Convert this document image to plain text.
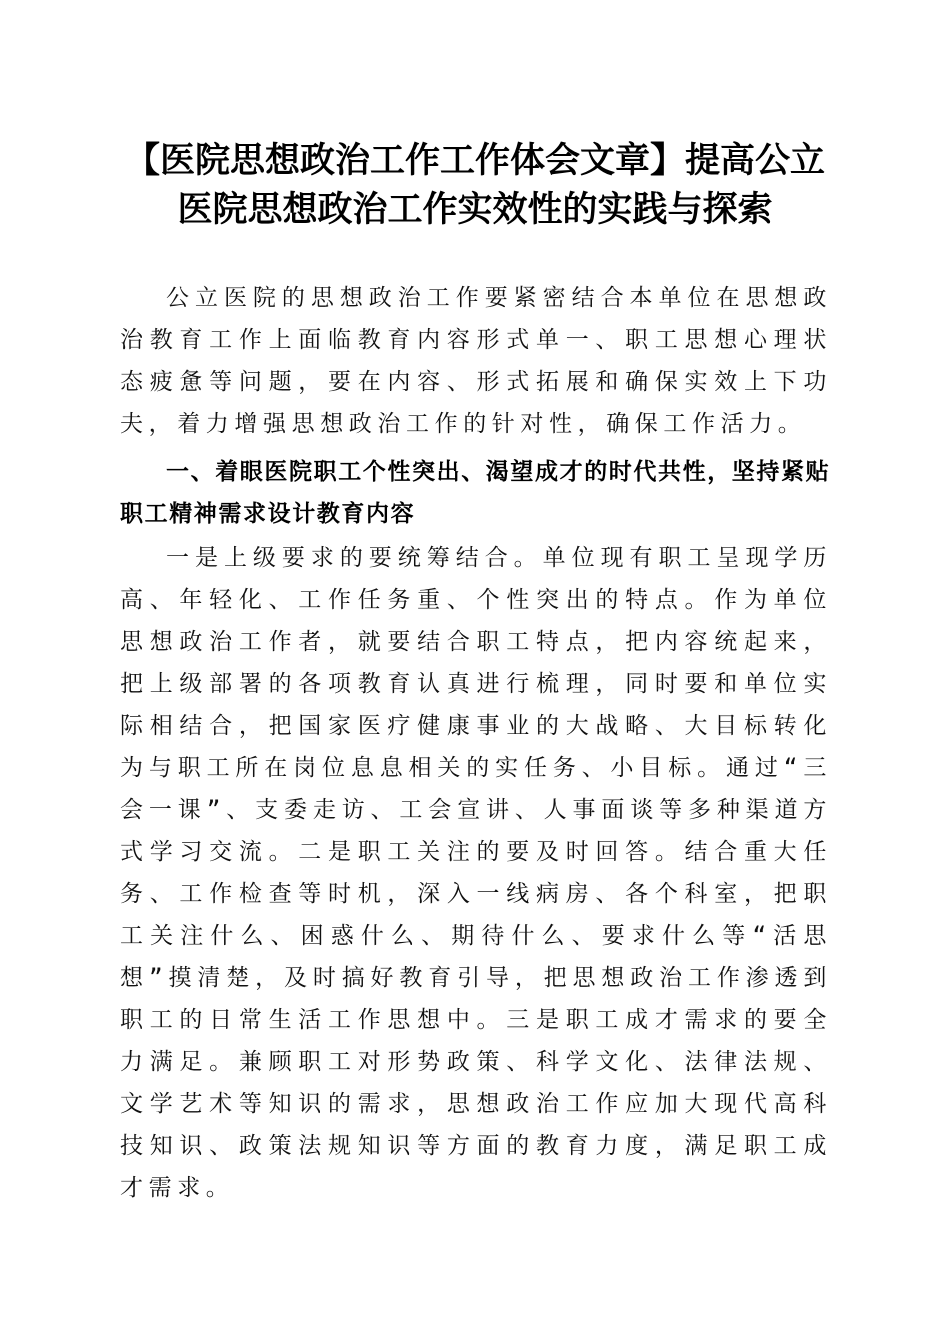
【医院思想政治工作工作体会文章】提高公立
医院思想政治工作实效性的实践与探索

公立医院的思想政治工作要紧密结合本单位在思想政治教育工作上面临教育内容形式单一、职工思想心理状态疲惫等问题，要在内容、形式拓展和确保实效上下功夫，着力增强思想政治工作的针对性，确保工作活力。

一、着眼医院职工个性突出、渴望成才的时代共性，坚持紧贴职工精神需求设计教育内容

一是上级要求的要统筹结合。单位现有职工呈现学历高、年轻化、工作任务重、个性突出的特点。作为单位思想政治工作者，就要结合职工特点，把内容统起来，把上级部署的各项教育认真进行梳理，同时要和单位实际相结合，把国家医疗健康事业的大战略、大目标转化为与职工所在岗位息息相关的实任务、小目标。通过“三会一课”、支委走访、工会宣讲、人事面谈等多种渠道方式学习交流。二是职工关注的要及时回答。结合重大任务、工作检查等时机，深入一线病房、各个科室，把职工关注什么、困惑什么、期待什么、要求什么等“活思想”摸清楚，及时搞好教育引导，把思想政治工作渗透到职工的日常生活工作思想中。三是职工成才需求的要全力满足。兼顾职工对形势政策、科学文化、法律法规、文学艺术等知识的需求，思想政治工作应加大现代高科技知识、政策法规知识等方面的教育力度，满足职工成才需求。
